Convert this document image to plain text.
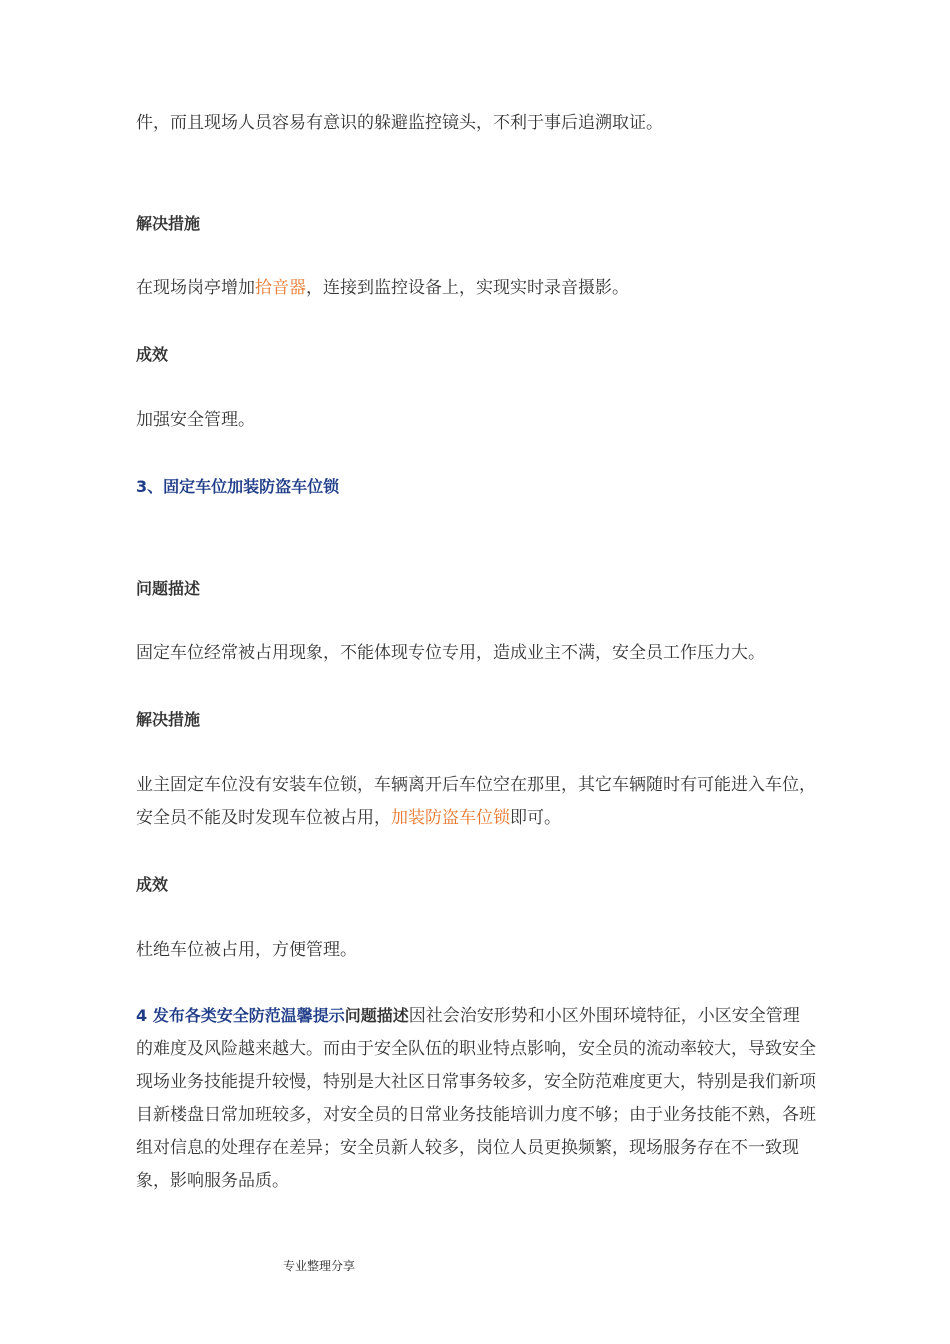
件，而且现场人员容易有意识的躲避监控镜头，不利于事后追溯取证。

解决措施

在现场岗亭增加拾音器，连接到监控设备上，实现实时录音摄影。

成效

加强安全管理。

3、固定车位加装防盗车位锁

问题描述

固定车位经常被占用现象，不能体现专位专用，造成业主不满，安全员工作压力大。

解决措施

业主固定车位没有安装车位锁，车辆离开后车位空在那里，其它车辆随时有可能进入车位，安全员不能及时发现车位被占用，加装防盗车位锁即可。

成效

杜绝车位被占用，方便管理。

4 发布各类安全防范温馨提示问题描述因社会治安形势和小区外围环境特征，小区安全管理的难度及风险越来越大。而由于安全队伍的职业特点影响，安全员的流动率较大，导致安全现场业务技能提升较慢，特别是大社区日常事务较多，安全防范难度更大，特别是我们新项目新楼盘日常加班较多，对安全员的日常业务技能培训力度不够；由于业务技能不熟，各班组对信息的处理存在差异；安全员新人较多，岗位人员更换频繁，现场服务存在不一致现象，影响服务品质。

专业整理分享
